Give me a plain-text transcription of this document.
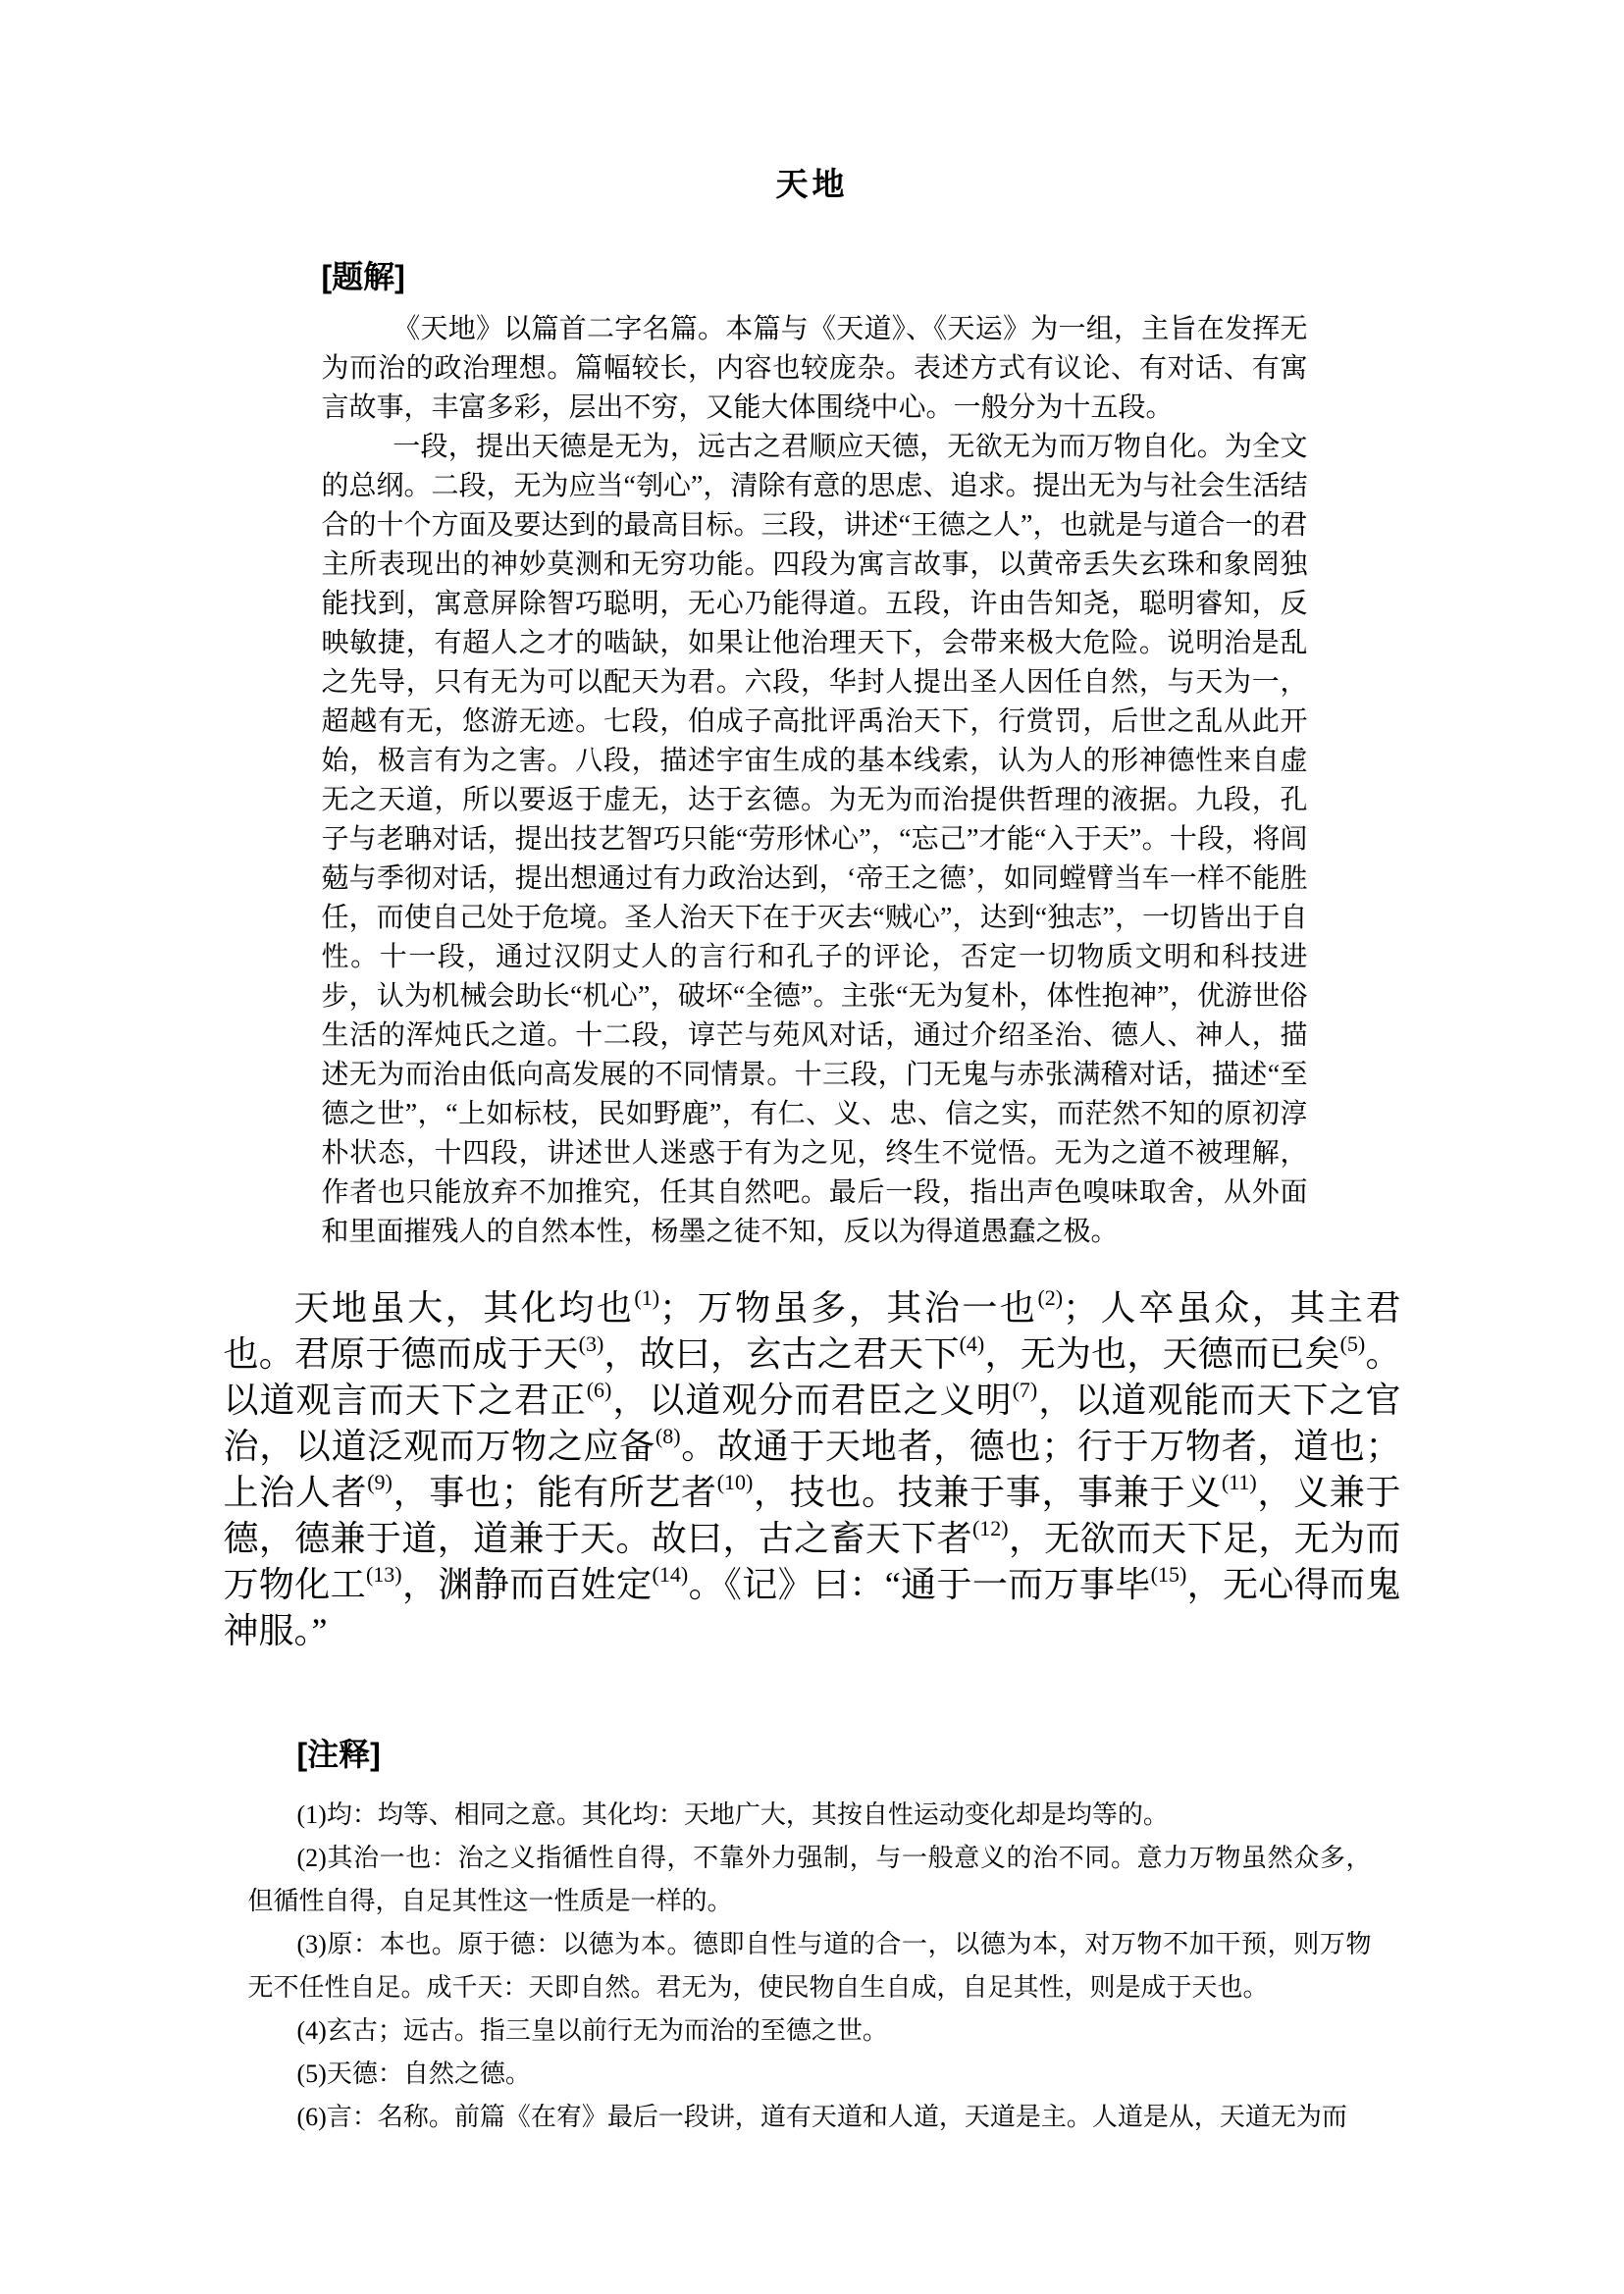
天地
[题解]

《天地》以篇首二字名篇。本篇与《天道》、《天运》为一组，主旨在发挥无为而治的政治理想。篇幅较长，内容也较庞杂。表述方式有议论、有对话、有寓言故事，丰富多彩，层出不穷，又能大体围绕中心。一般分为十五段。

一段，提出天德是无为，远古之君顺应天德，无欲无为而万物自化。为全文的总纲。二段，无为应当“刳心”，清除有意的思虑、追求。提出无为与社会生活结合的十个方面及要达到的最高目标。三段，讲述“王德之人”，也就是与道合一的君主所表现出的神妙莫测和无穷功能。四段为寓言故事，以黄帝丢失玄珠和象罔独能找到，寓意屏除智巧聪明，无心乃能得道。五段，许由告知尧，聪明睿知，反映敏捷，有超人之才的啮缺，如果让他治理天下，会带来极大危险。说明治是乱之先导，只有无为可以配天为君。六段，华封人提出圣人因任自然，与天为一，超越有无，悠游无迹。七段，伯成子高批评禹治天下，行赏罚，后世之乱从此开始，极言有为之害。八段，描述宇宙生成的基本线索，认为人的形神德性来自虚无之天道，所以要返于虚无，达于玄德。为无为而治提供哲理的液据。九段，孔子与老聃对话，提出技艺智巧只能“劳形怵心”，“忘己”才能“入于天”。十段，将闾葂与季彻对话，提出想通过有力政治达到，‘帝王之德’，如同螳臂当车一样不能胜任，而使自己处于危境。圣人治天下在于灭去“贼心”，达到“独志”，一切皆出于自性。十一段，通过汉阴丈人的言行和孔子的评论，否定一切物质文明和科技进步，认为机械会助长“机心”，破坏“全德”。主张“无为复朴，体性抱神”，优游世俗生活的浑炖氏之道。十二段，谆芒与苑风对话，通过介绍圣治、德人、神人，描述无为而治由低向高发展的不同情景。十三段，门无鬼与赤张满稽对话，描述“至德之世”，“上如标枝，民如野鹿”，有仁、义、忠、信之实，而茫然不知的原初淳朴状态，十四段，讲述世人迷惑于有为之见，终生不觉悟。无为之道不被理解，作者也只能放弃不加推究，任其自然吧。最后一段，指出声色嗅味取舍，从外面和里面摧残人的自然本性，杨墨之徒不知，反以为得道愚蠢之极。

天地虽大，其化均也$^{(1)}$；万物虽多，其治一也$^{(2)}$；人卒虽众，其主君也。君原于德而成于天$^{(3)}$，故曰，玄古之君天下$^{(4)}$，无为也，天德而已矣$^{(5)}$。以道观言而天下之君正$^{(6)}$，以道观分而君臣之义明$^{(7)}$，以道观能而天下之官治，以道泛观而万物之应备$^{(8)}$。故通于天地者，德也；行于万物者，道也；上治人者$^{(9)}$，事也；能有所艺者$^{(10)}$，技也。技兼于事，事兼于义$^{(11)}$，义兼于德，德兼于道，道兼于天。故曰，古之畜天下者$^{(12)}$，无欲而天下足，无为而万物化工$^{(13)}$，渊静而百姓定$^{(14)}$。《记》曰：“通于一而万事毕$^{(15)}$，无心得而鬼神服。”

[注释]

(1)均：均等、相同之意。其化均：天地广大，其按自性运动变化却是均等的。

(2)其治一也：治之义指循性自得，不靠外力强制，与一般意义的治不同。意力万物虽然众多，但循性自得，自足其性这一性质是一样的。

(3)原：本也。原于德：以德为本。德即自性与道的合一，以德为本，对万物不加干预，则万物无不任性自足。成千天：天即自然。君无为，使民物自生自成，自足其性，则是成于天也。

(4)玄古；远古。指三皇以前行无为而治的至德之世。

(5)天德：自然之德。

(6)言：名称。前篇《在宥》最后一段讲，道有天道和人道，天道是主。人道是从，天道无为而
